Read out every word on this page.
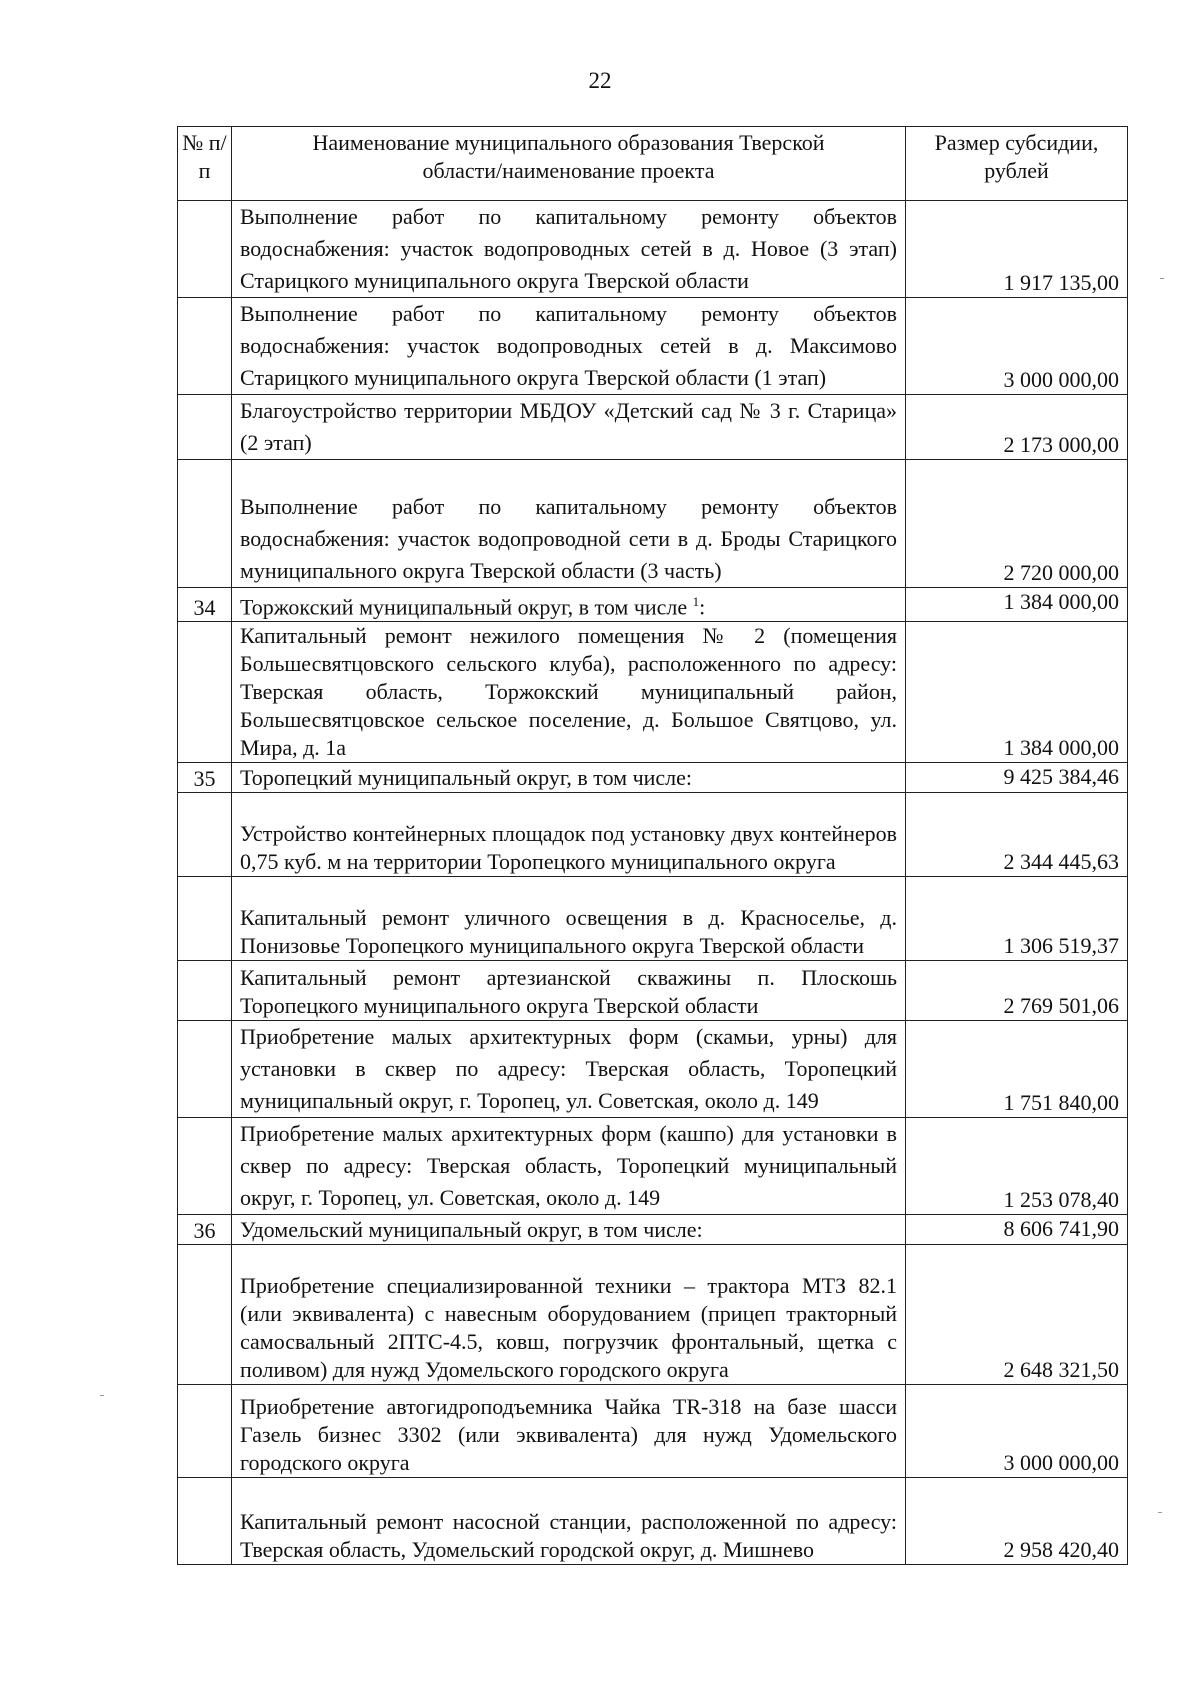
22
№ п/п	Наименование муниципального образования Тверской области/наименование проекта	Размер субсидии, рублей
	Выполнение работ по капитальному ремонту объектов водоснабжения: участок водопроводных сетей в д. Новое (3 этап) Старицкого муниципального округа Тверской области	1 917 135,00
	Выполнение работ по капитальному ремонту объектов водоснабжения: участок водопроводных сетей в д. Максимово Старицкого муниципального округа Тверской области (1 этап)	3 000 000,00
	Благоустройство территории МБДОУ «Детский сад № 3 г. Старица» (2 этап)	2 173 000,00
	Выполнение работ по капитальному ремонту объектов водоснабжения: участок водопроводной сети в д. Броды Старицкого муниципального округа Тверской области (3 часть)	2 720 000,00
34	Торжокский муниципальный округ, в том числе $^1$:	1 384 000,00
	Капитальный ремонт нежилого помещения № 2 (помещения Большесвятцовского сельского клуба), расположенного по адресу: Тверская область, Торжокский муниципальный район, Большесвятцовское сельское поселение, д. Большое Святцово, ул. Мира, д. 1а	1 384 000,00
35	Торопецкий муниципальный округ, в том числе:	9 425 384,46
	Устройство контейнерных площадок под установку двух контейнеров 0,75 куб. м на территории Торопецкого муниципального округа	2 344 445,63
	Капитальный ремонт уличного освещения в д. Красноселье, д. Понизовье Торопецкого муниципального округа Тверской области	1 306 519,37
	Капитальный ремонт артезианской скважины п. Плоскошь Торопецкого муниципального округа Тверской области	2 769 501,06
	Приобретение малых архитектурных форм (скамьи, урны) для установки в сквер по адресу: Тверская область, Торопецкий муниципальный округ, г. Торопец, ул. Советская, около д. 149	1 751 840,00
	Приобретение малых архитектурных форм (кашпо) для установки в сквер по адресу: Тверская область, Торопецкий муниципальный округ, г. Торопец, ул. Советская, около д. 149	1 253 078,40
36	Удомельский муниципальный округ, в том числе:	8 606 741,90
	Приобретение специализированной техники – трактора МТЗ 82.1 (или эквивалента) с навесным оборудованием (прицеп тракторный самосвальный 2ПТС-4.5, ковш, погрузчик фронтальный, щетка с поливом) для нужд Удомельского городского округа	2 648 321,50
	Приобретение автогидроподъемника Чайка TR-318 на базе шасси Газель бизнес 3302 (или эквивалента) для нужд Удомельского городского округа	3 000 000,00
	Капитальный ремонт насосной станции, расположенной по адресу: Тверская область, Удомельский городской округ, д. Мишнево	2 958 420,40
